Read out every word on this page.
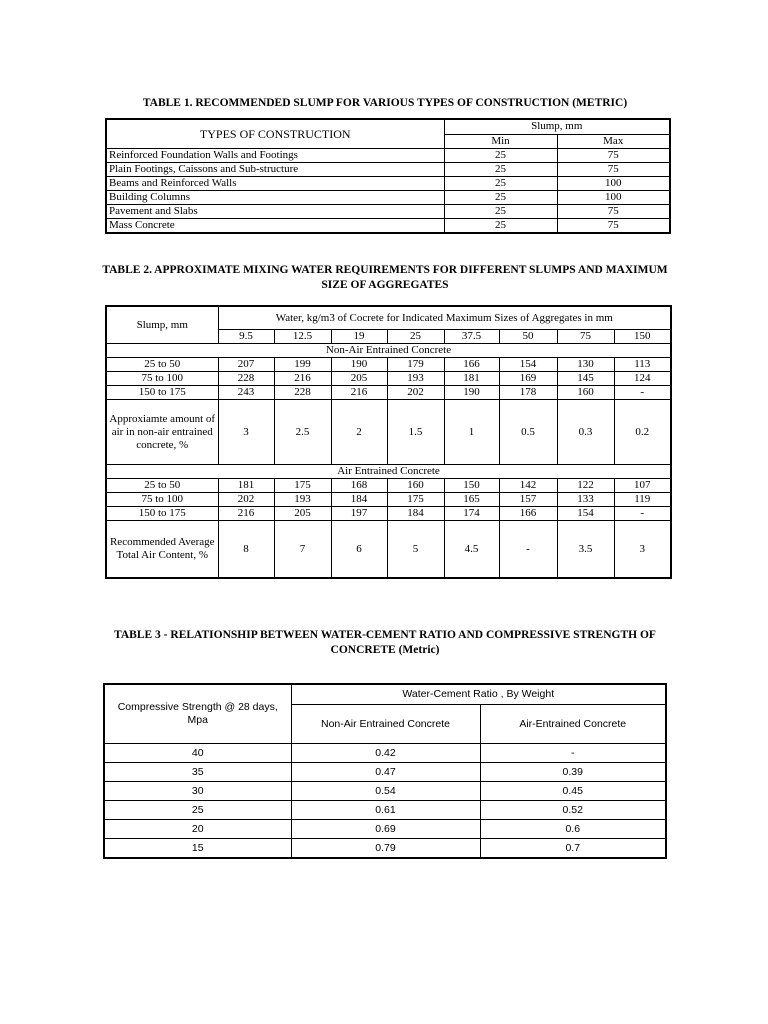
TABLE 1. RECOMMENDED SLUMP FOR VARIOUS TYPES OF CONSTRUCTION (METRIC)

TYPES OF CONSTRUCTION	Slump, mm	
	Min	Max
Reinforced Foundation Walls and Footings	25	75
Plain Footings, Caissons and Sub-structure	25	75
Beams and Reinforced Walls	25	100
Building Columns	25	100
Pavement and Slabs	25	75
Mass Concrete	25	75

TABLE 2. APPROXIMATE MIXING WATER REQUIREMENTS FOR DIFFERENT SLUMPS AND MAXIMUM
SIZE OF AGGREGATES

Slump, mm	Water, kg/m3 of Cocrete for Indicated Maximum Sizes of Aggregates in mm							
	9.5	12.5	19	25	37.5	50	75	150
Non-Air Entrained Concrete								
25 to 50	207	199	190	179	166	154	130	113
75 to 100	228	216	205	193	181	169	145	124
150 to 175	243	228	216	202	190	178	160	-
Approxiamte amount of air in non-air entrained concrete, %	3	2.5	2	1.5	1	0.5	0.3	0.2
Air Entrained Concrete								
25 to 50	181	175	168	160	150	142	122	107
75 to 100	202	193	184	175	165	157	133	119
150 to 175	216	205	197	184	174	166	154	-
Recommended Average Total Air Content, %	8	7	6	5	4.5	-	3.5	3

TABLE 3 - RELATIONSHIP BETWEEN WATER-CEMENT RATIO AND COMPRESSIVE STRENGTH OF
CONCRETE (Metric)

Compressive Strength @ 28 days, Mpa	Water-Cement Ratio , By Weight	
	Non-Air Entrained Concrete	Air-Entrained Concrete
40	0.42	-
35	0.47	0.39
30	0.54	0.45
25	0.61	0.52
20	0.69	0.6
15	0.79	0.7
